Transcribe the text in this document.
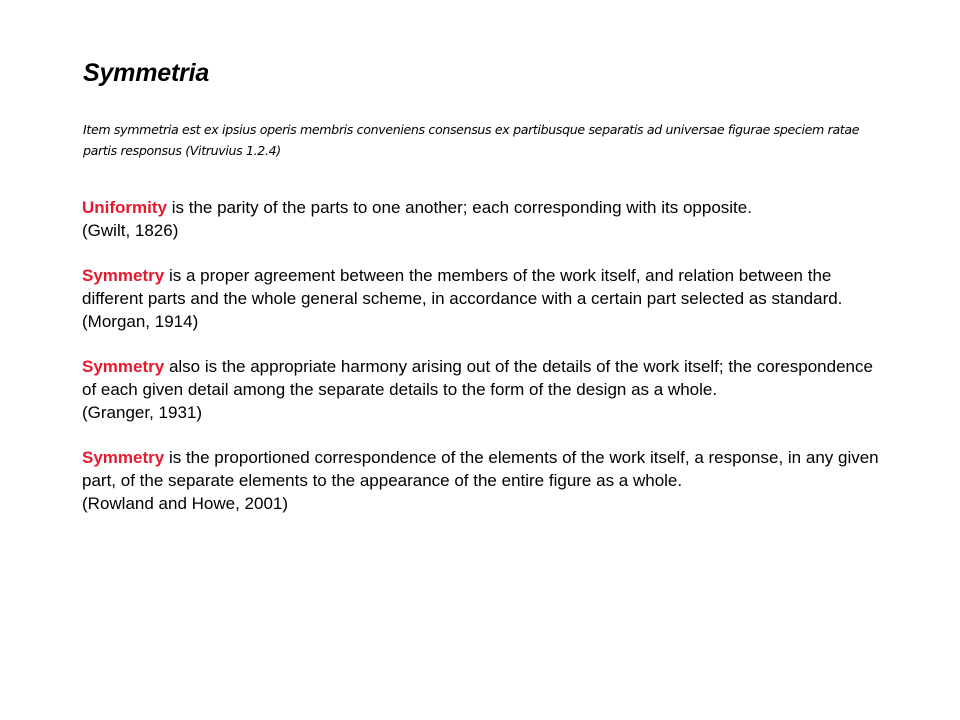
Symmetria

Item symmetria est ex ipsius operis membris conveniens consensus ex partibusque separatis ad universae figurae speciem ratae partis responsus (Vitruvius 1.2.4)

Uniformity is the parity of the parts to one another; each corresponding with its opposite.
(Gwilt, 1826)

Symmetry is a proper agreement between the members of the work itself, and relation between the different parts and the whole general scheme, in accordance with a certain part selected as standard.
(Morgan, 1914)

Symmetry also is the appropriate harmony arising out of the details of the work itself; the corespondence of each given detail among the separate details to the form of the design as a whole.
(Granger, 1931)

Symmetry is the proportioned correspondence of the elements of the work itself, a response, in any given part, of the separate elements to the appearance of the entire figure as a whole.
(Rowland and Howe, 2001)
